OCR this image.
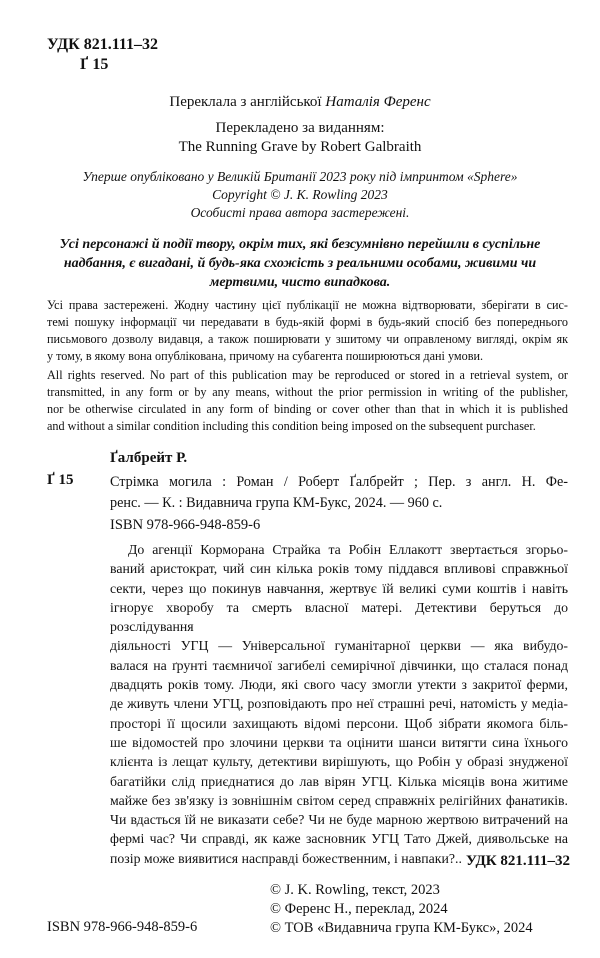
УДК 821.111–32
Ґ 15
Переклала з англійської Наталія Ференс
Перекладено за виданням:
The Running Grave by Robert Galbraith
Уперше опубліковано у Великій Британії 2023 року під імпринтом «Sphere»
Copyright © J. K. Rowling 2023
Особисті права автора застережені.
Усі персонажі й події твору, окрім тих, які безсумнівно перейшли в суспільне
надбання, є вигадані, й будь-яка схожість з реальними особами, живими чи
мертвими, чисто випадкова.
Усі права застережені. Жодну частину цієї публікації не можна відтворювати, зберігати в сис-
темі пошуку інформації чи передавати в будь-якій формі в будь-який спосіб без попереднього
письмового дозволу видавця, а також поширювати у зшитому чи оправленому вигляді, окрім як
у тому, в якому вона опублікована, причому на субагента поширюються дані умови.
All rights reserved. No part of this publication may be reproduced or stored in a retrieval system, or
transmitted, in any form or by any means, without the prior permission in writing of the publisher,
nor be otherwise circulated in any form of binding or cover other than that in which it is published
and without a similar condition including this condition being imposed on the subsequent purchaser.
Ґалбрейт Р.
Ґ 15	Стрімка могила : Роман / Роберт Ґалбрейт ; Пер. з англ. Н. Фе-
ренс. — К. : Видавнича група КМ-Букс, 2024. — 960 с.
ISBN 978-966-948-859-6
До агенції Корморана Страйка та Робін Еллакотт звертається згорьо-
ваний аристократ, чий син кілька років тому піддався впливові справжньої
секти, через що покинув навчання, жертвує їй великі суми коштів і навіть
ігнорує хворобу та смерть власної матері. Детективи беруться до розслідування
діяльності УГЦ — Універсальної гуманітарної церкви — яка вибудо-
валася на ґрунті таємничої загибелі семирічної дівчинки, що сталася понад
двадцять років тому. Люди, які свого часу змогли утекти з закритої ферми,
де живуть члени УГЦ, розповідають про неї страшні речі, натомість у медіа-
просторі її щосили захищають відомі персони. Щоб зібрати якомога біль-
ше відомостей про злочини церкви та оцінити шанси витягти сина їхнього
клієнта із лещат культу, детективи вирішують, що Робін у образі знудженої
багатійки слід приєднатися до лав вірян УГЦ. Кілька місяців вона житиме
майже без зв'язку із зовнішнім світом серед справжніх релігійних фанатиків.
Чи вдасться їй не виказати себе? Чи не буде марною жертвою витрачений на
фермі час? Чи справді, як каже засновник УГЦ Тато Джей, диявольське на
позір може виявитися насправді божественним, і навпаки?.. УДК 821.111–32
© J. K. Rowling, текст, 2023
© Ференс Н., переклад, 2024
© ТОВ «Видавнича група КМ-Букс», 2024
ISBN 978-966-948-859-6
